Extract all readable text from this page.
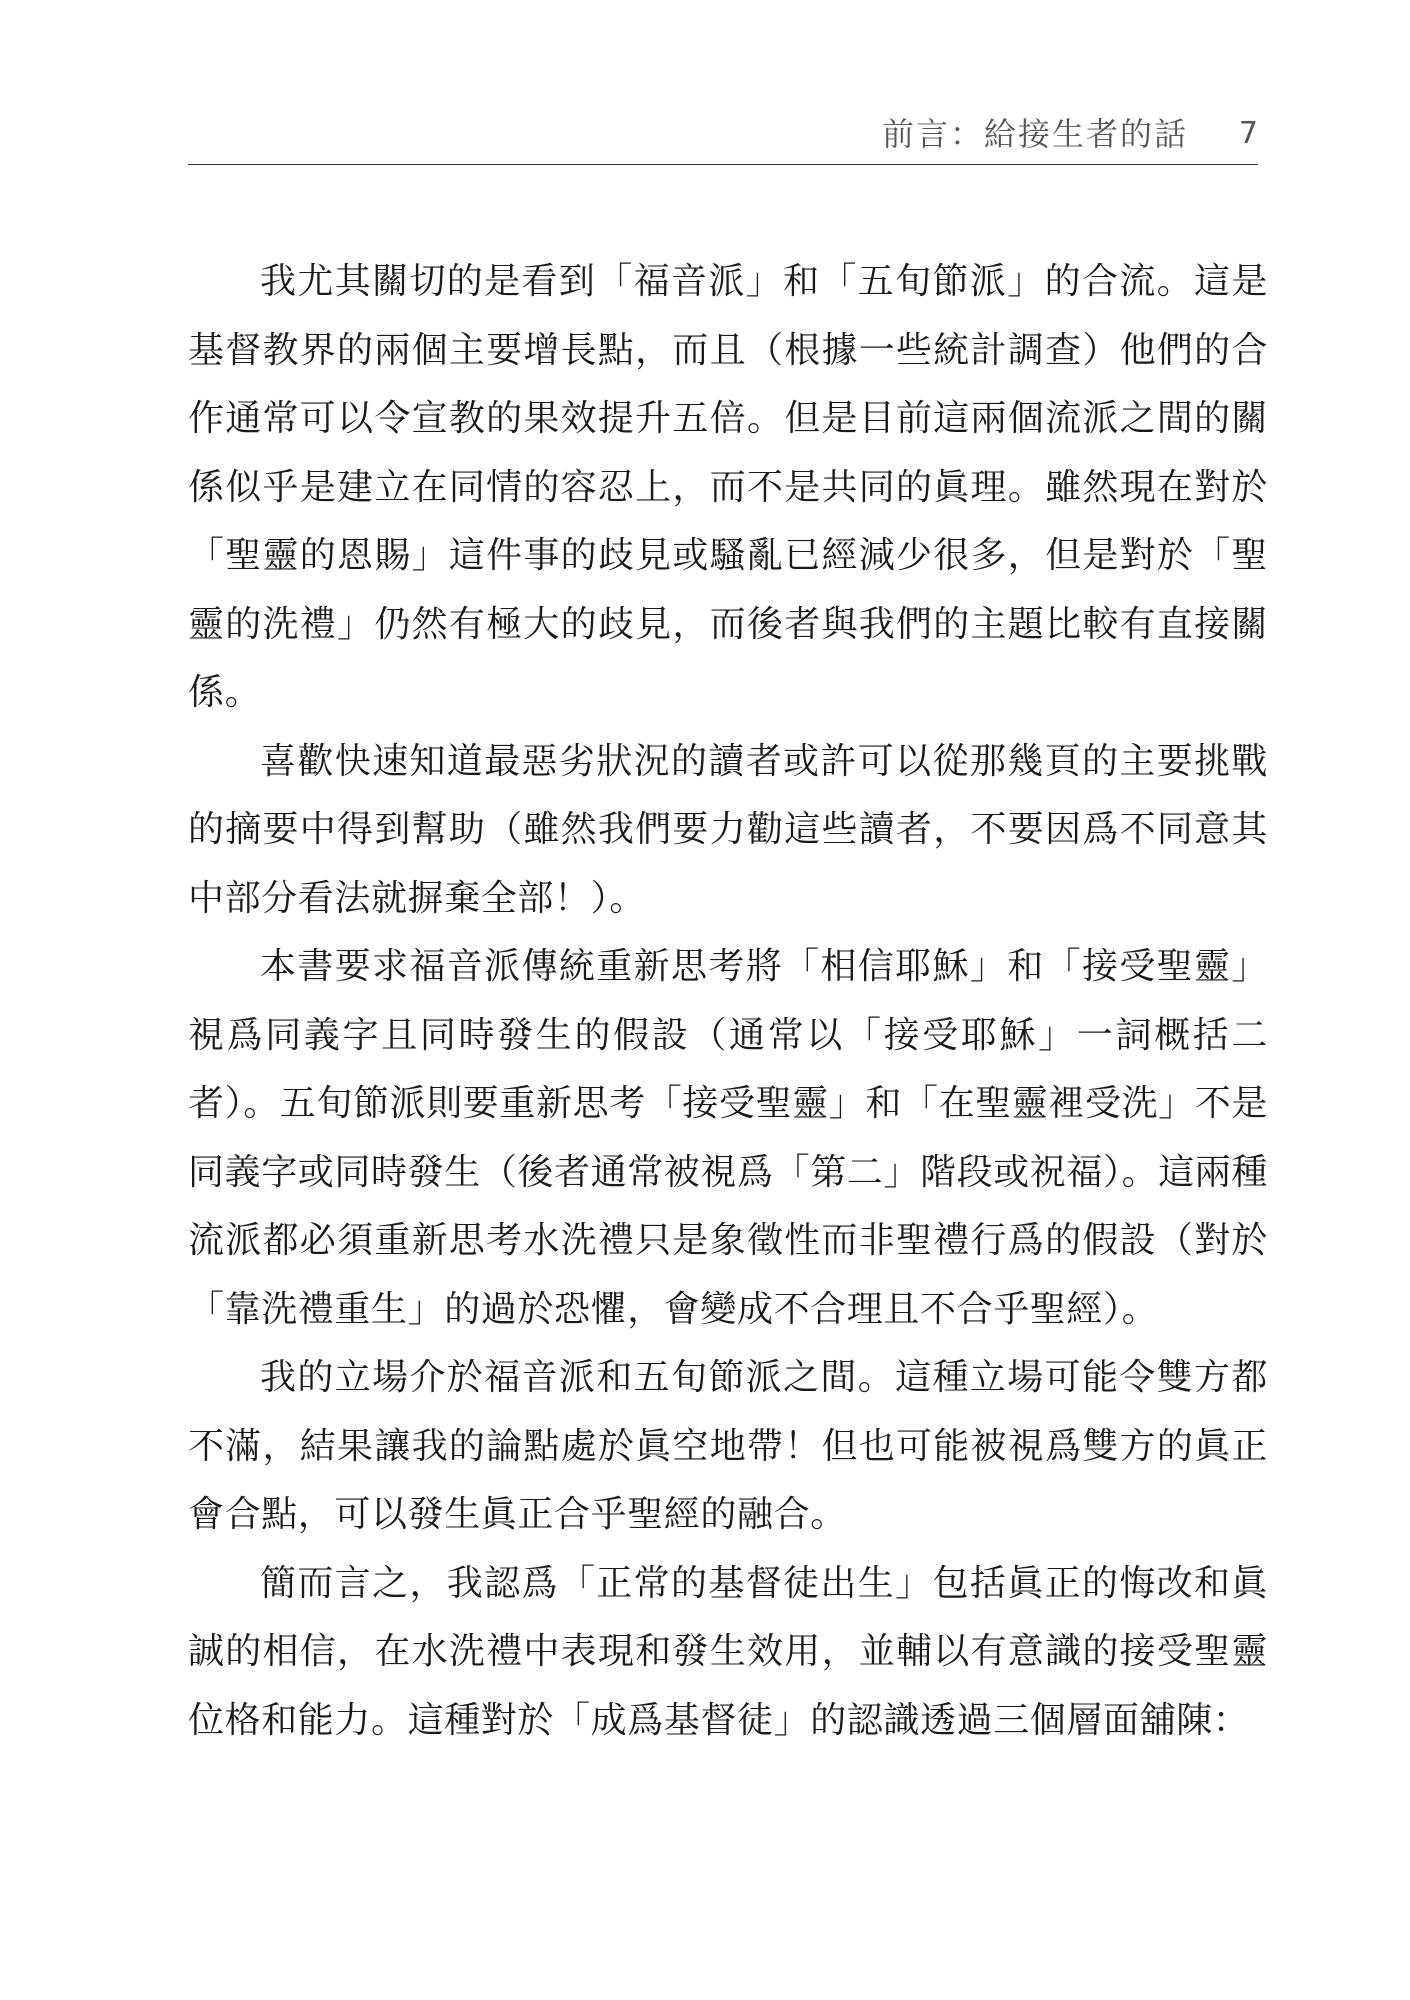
前言：給接生者的話 7

我尤其關切的是看到「福音派」和「五旬節派」的合流。這是基督教界的兩個主要增長點，而且（根據一些統計調查）他們的合作通常可以令宣教的果效提升五倍。但是目前這兩個流派之間的關係似乎是建立在同情的容忍上，而不是共同的眞理。雖然現在對於「聖靈的恩賜」這件事的歧見或騷亂已經減少很多，但是對於「聖靈的洗禮」仍然有極大的歧見，而後者與我們的主題比較有直接關係。

喜歡快速知道最惡劣狀況的讀者或許可以從那幾頁的主要挑戰的摘要中得到幫助（雖然我們要力勸這些讀者，不要因爲不同意其中部分看法就摒棄全部！）。

本書要求福音派傳統重新思考將「相信耶穌」和「接受聖靈」視爲同義字且同時發生的假設（通常以「接受耶穌」一詞概括二者）。五旬節派則要重新思考「接受聖靈」和「在聖靈裡受洗」不是同義字或同時發生（後者通常被視爲「第二」階段或祝福）。這兩種流派都必須重新思考水洗禮只是象徵性而非聖禮行爲的假設（對於「靠洗禮重生」的過於恐懼，會變成不合理且不合乎聖經）。

我的立場介於福音派和五旬節派之間。這種立場可能令雙方都不滿，結果讓我的論點處於眞空地帶！但也可能被視爲雙方的眞正會合點，可以發生眞正合乎聖經的融合。

簡而言之，我認爲「正常的基督徒出生」包括眞正的悔改和眞誠的相信，在水洗禮中表現和發生效用，並輔以有意識的接受聖靈位格和能力。這種對於「成爲基督徒」的認識透過三個層面舖陳：
